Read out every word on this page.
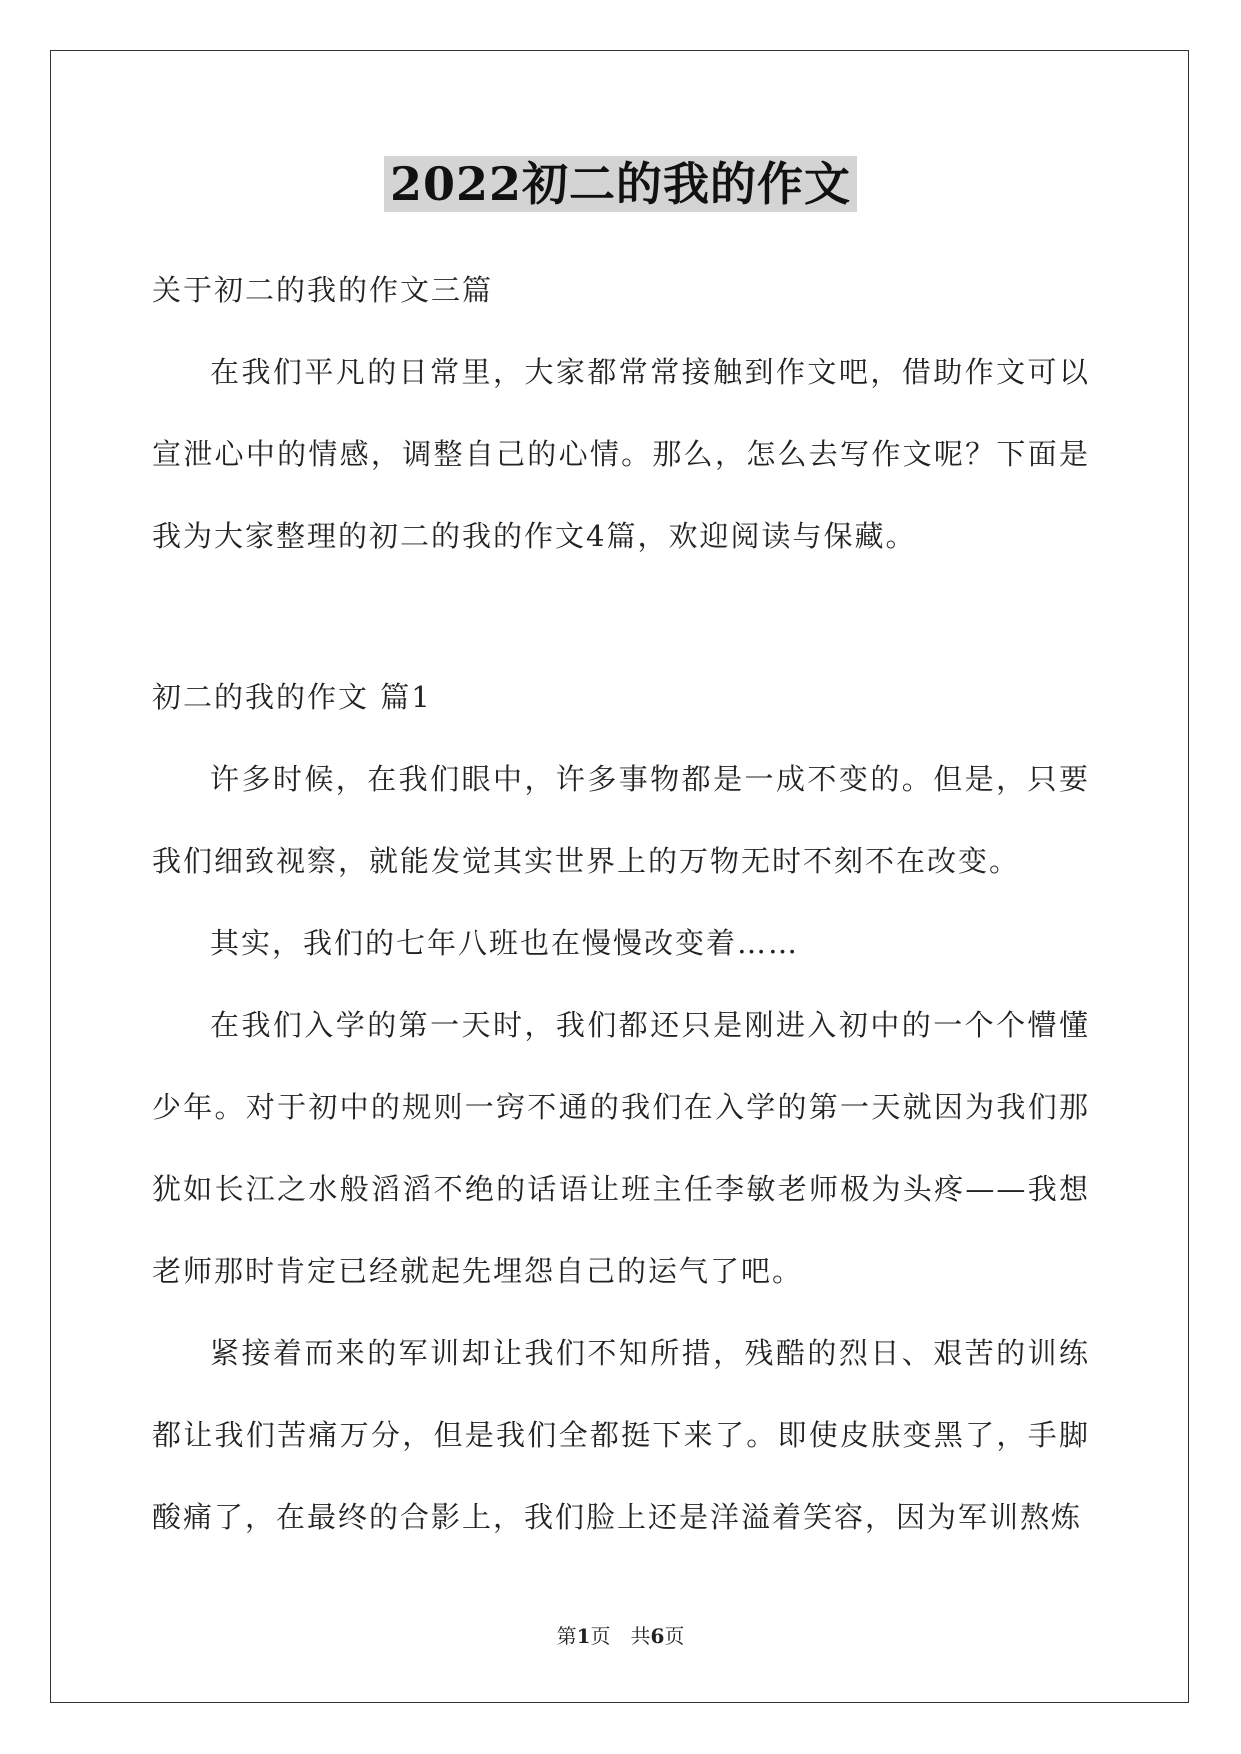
2022初二的我的作文

关于初二的我的作文三篇

在我们平凡的日常里，大家都常常接触到作文吧，借助作文可以宣泄心中的情感，调整自己的心情。那么，怎么去写作文呢？下面是我为大家整理的初二的我的作文4篇，欢迎阅读与保藏。

初二的我的作文 篇1

许多时候，在我们眼中，许多事物都是一成不变的。但是，只要我们细致视察，就能发觉其实世界上的万物无时不刻不在改变。

其实，我们的七年八班也在慢慢改变着……

在我们入学的第一天时，我们都还只是刚进入初中的一个个懵懂少年。对于初中的规则一窍不通的我们在入学的第一天就因为我们那犹如长江之水般滔滔不绝的话语让班主任李敏老师极为头疼——我想老师那时肯定已经就起先埋怨自己的运气了吧。

紧接着而来的军训却让我们不知所措，残酷的烈日、艰苦的训练都让我们苦痛万分，但是我们全都挺下来了。即使皮肤变黑了，手脚酸痛了，在最终的合影上，我们脸上还是洋溢着笑容，因为军训熬炼

第1页　共6页
